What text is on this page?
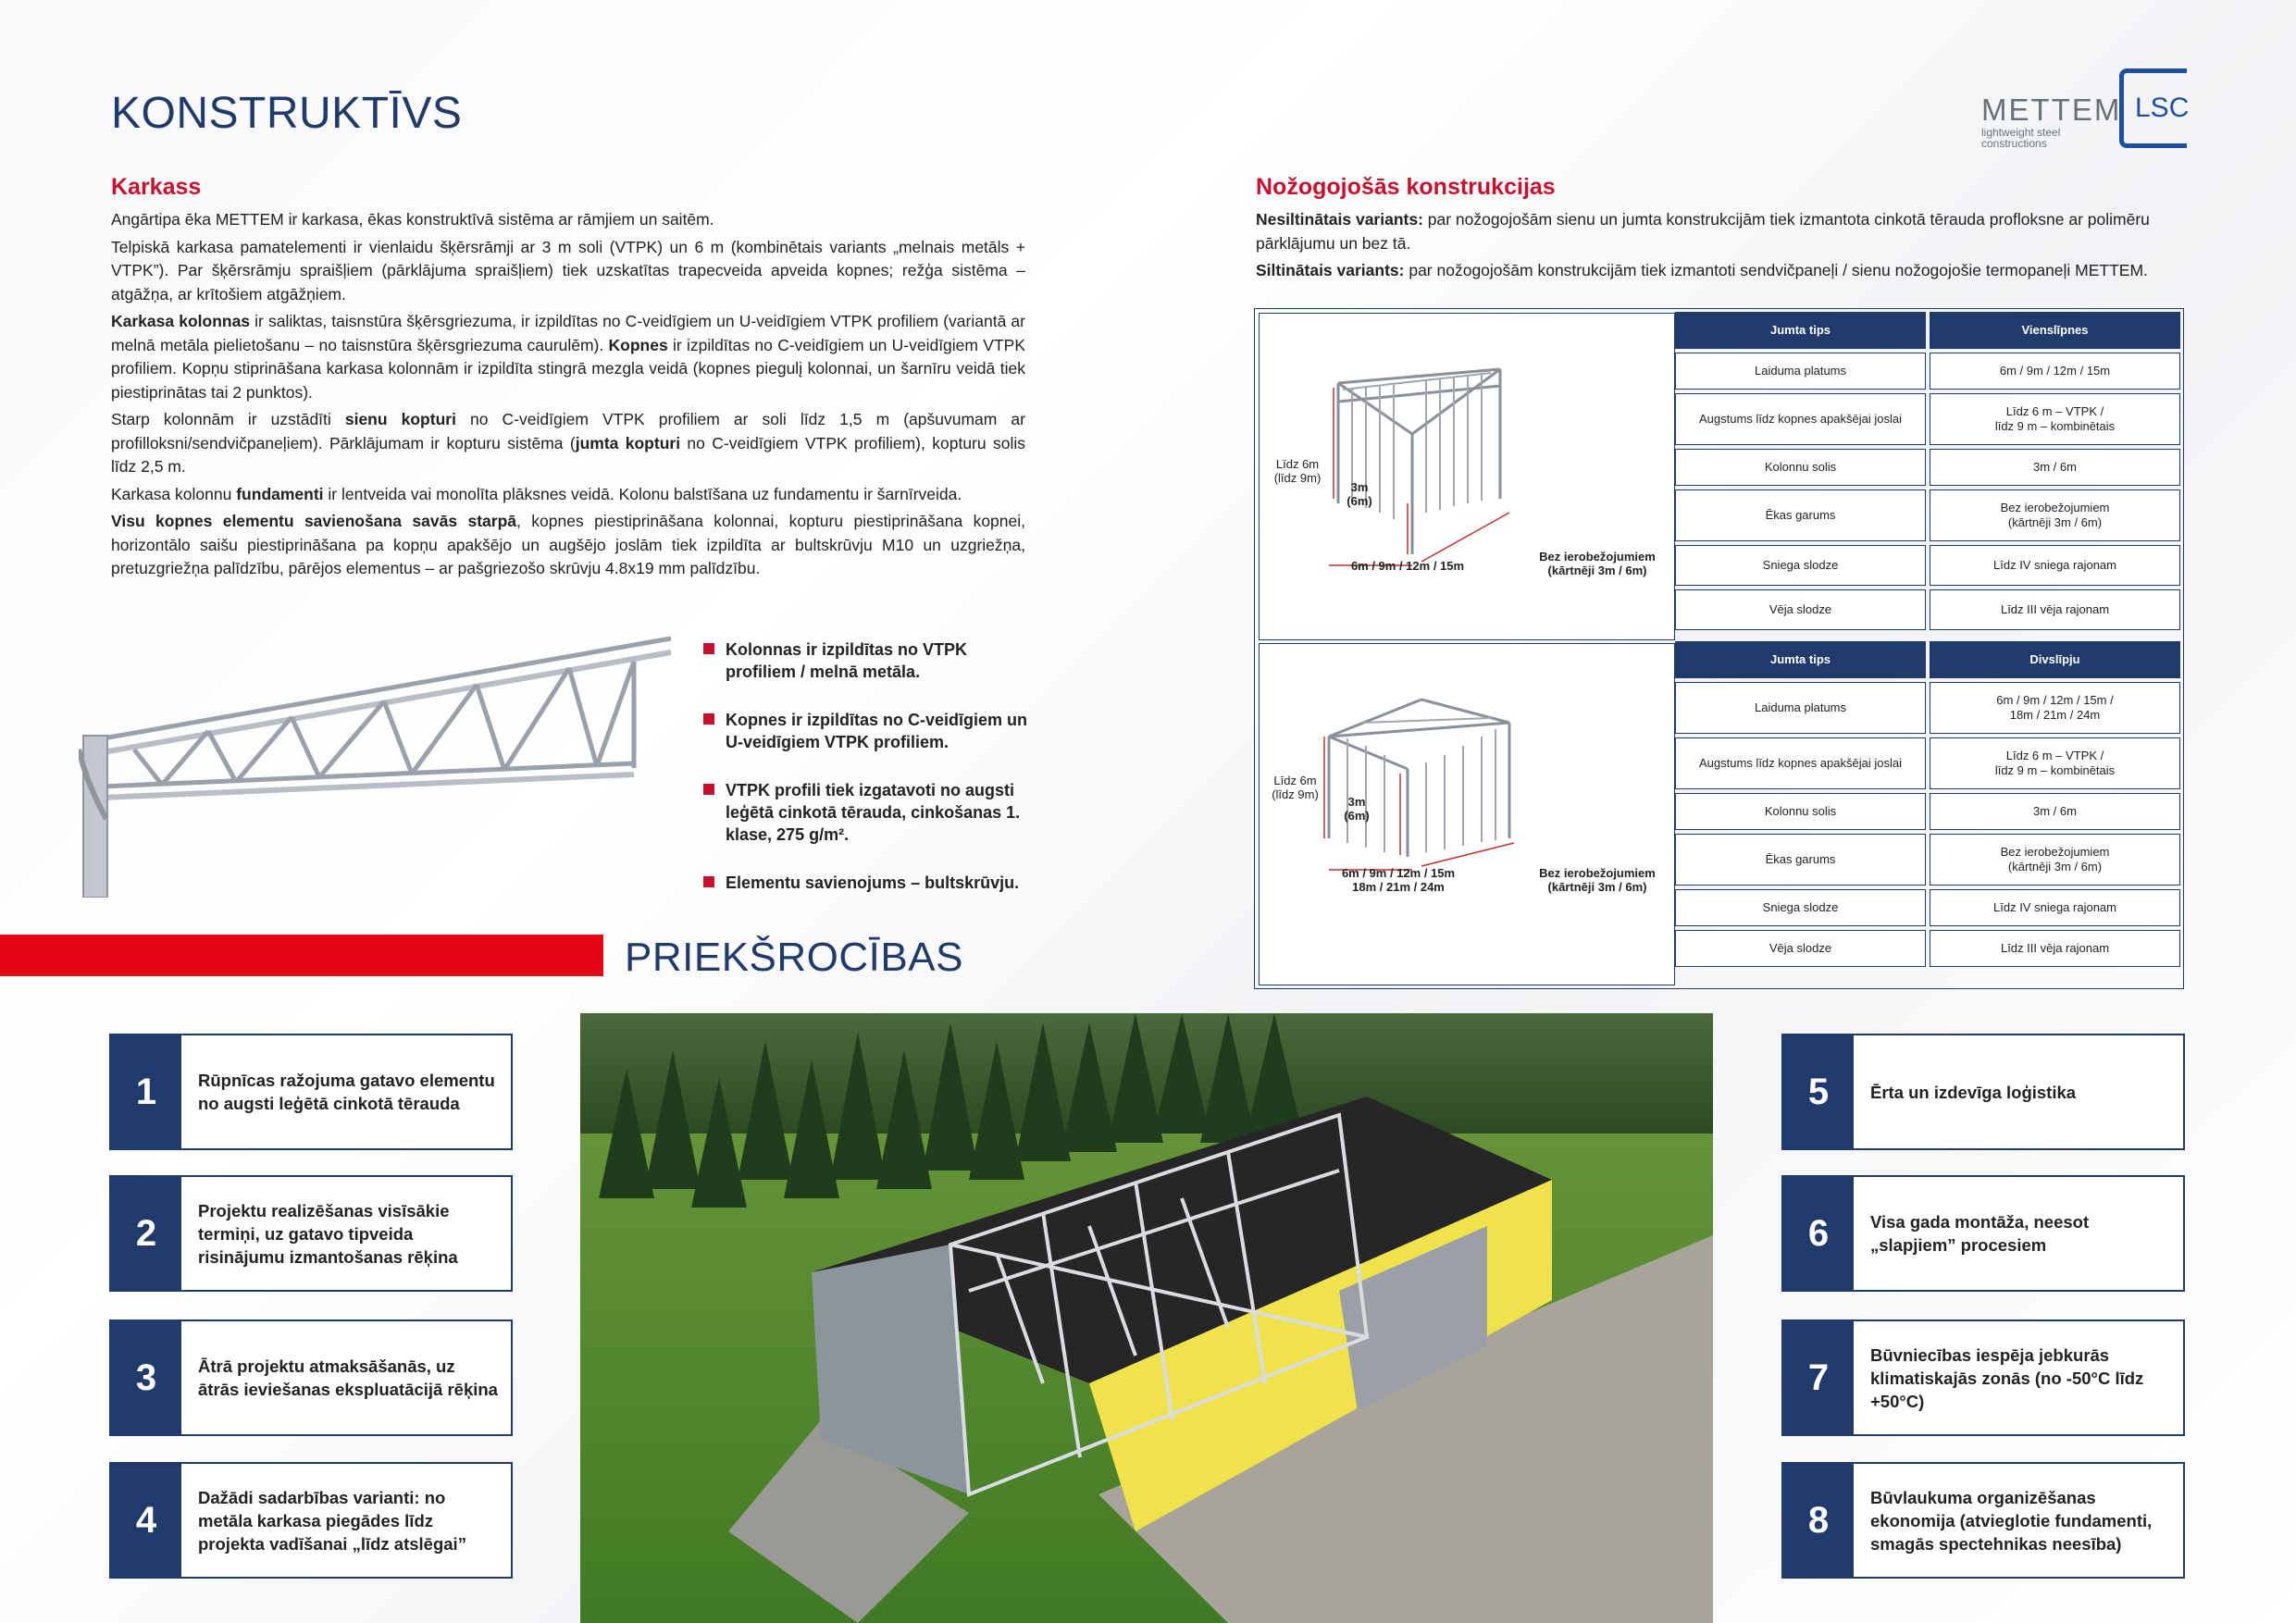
KONSTRUKTĪVS	METTEM LSC
lightweight steel constructions
Karkass

Angārtipa ēka METTEM ir karkasa, ēkas konstruktīvā sistēma ar rāmjiem un saitēm.

Telpiskā karkasa pamatelementi ir vienlaidu šķērsrāmji ar 3 m soli (VTPK) un 6 m (kombinētais variants „melnais metāls + VTPK”). Par šķērsrāmju spraišļiem (pārklājuma spraišļiem) tiek uzskatītas trapecveida apveida kopnes; režģa sistēma – atgāžņa, ar krītošiem atgāžņiem.

Karkasa kolonnas ir saliktas, taisnstūra šķērsgriezuma, ir izpildītas no C-veidīgiem un U-veidīgiem VTPK profiliem (variantā ar melnā metāla pielietošanu – no taisnstūra šķērsgriezuma caurulēm). Kopnes ir izpildītas no C-veidīgiem un U-veidīgiem VTPK profiliem. Kopņu stiprināšana karkasa kolonnām ir izpildīta stingrā mezgla veidā (kopnes piegulį kolonnai, un šarnīru veidā tiek piestiprinātas tai 2 punktos).

Starp kolonnām ir uzstādīti sienu kopturi no C-veidīgiem VTPK profiliem ar soli līdz 1,5 m (apšuvumam ar profilloksni/sendvičpaneļiem). Pārklājumam ir kopturu sistēma (jumta kopturi no C-veidīgiem VTPK profiliem), kopturu solis līdz 2,5 m.

Karkasa kolonnu fundamenti ir lentveida vai monolīta plāksnes veidā. Kolonu balstīšana uz fundamentu ir šarnīrveida.

Visu kopnes elementu savienošana savās starpā, kopnes piestiprināšana kolonnai, kopturu piestiprināšana kopnei, horizontālo saišu piestiprināšana pa kopņu apakšējo un augšējo joslām tiek izpildīta ar bultskrūvju M10 un uzgriežņa, pretuzgriežņa palīdzību, pārējos elementus – ar pašgriezošo skrūvju 4.8x19 mm palīdzību.

Kolonnas ir izpildītas no VTPK profiliem / melnā metāla.
Kopnes ir izpildītas no C-veidīgiem un U-veidīgiem VTPK profiliem.
VTPK profili tiek izgatavoti no augsti leģētā cinkotā tērauda, cinkošanas 1. klase, 275 g/m².
Elementu savienojums – bultskrūvju.
Nožogojošās konstrukcijas

Nesiltinātais variants: par nožogojošām sienu un jumta konstrukcijām tiek izmantota cinkotā tērauda profloksne ar polimēru pārklājumu un bez tā.

Siltinātais variants: par nožogojošām konstrukcijām tiek izmantoti sendvičpaneļi / sienu nožogojošie termopaneļi METTEM.

Līdz 6m
(līdz 9m)
3m
(6m)
6m / 9m / 12m / 15m
Bez ierobežojumiem
(kārtnēji 3m / 6m)
Līdz 6m
(līdz 9m)
3m
(6m)
6m / 9m / 12m / 15m
18m / 21m / 24m
Bez ierobežojumiem
(kārtnēji 3m / 6m)
Jumta tips	Vienslīpnes
Laiduma platums	6m / 9m / 12m / 15m
Augstums līdz kopnes apakšējai joslai	Līdz 6 m – VTPK /
līdz 9 m – kombinētais
Kolonnu solis	3m / 6m
Ēkas garums	Bez ierobežojumiem
(kārtnēji 3m / 6m)
Sniega slodze	Līdz IV sniega rajonam
Vēja slodze	Līdz III vēja rajonam
Jumta tips	Divslīpju
Laiduma platums	6m / 9m / 12m / 15m /
18m / 21m / 24m
Augstums līdz kopnes apakšējai joslai	Līdz 6 m – VTPK /
līdz 9 m – kombinētais
Kolonnu solis	3m / 6m
Ēkas garums	Bez ierobežojumiem
(kārtnēji 3m / 6m)
Sniega slodze	Līdz IV sniega rajonam
Vēja slodze	Līdz III vēja rajonam
PRIEKŠROCĪBAS
1	Rūpnīcas ražojuma gatavo elementu no augsti leģētā cinkotā tērauda
2
Projektu realizēšanas visīsākie termiņi, uz gatavo tipveida risinājumu izmantošanas rēķina
3	Ātrā projektu atmaksāšanās, uz ātrās ieviešanas ekspluatācijā rēķina
4
Dažādi sadarbības varianti: no metāla karkasa piegādes līdz projekta vadīšanai „līdz atslēgai”
5	Ērta un izdevīga loģistika
6	Visa gada montāža, neesot „slapjiem” procesiem
7
Būvniecības iespēja jebkurās klimatiskajās zonās (no -50°C līdz +50°C)
8
Būvlaukuma organizēšanas ekonomija (atvieglotie fundamenti, smagās spectehnikas neesība)
